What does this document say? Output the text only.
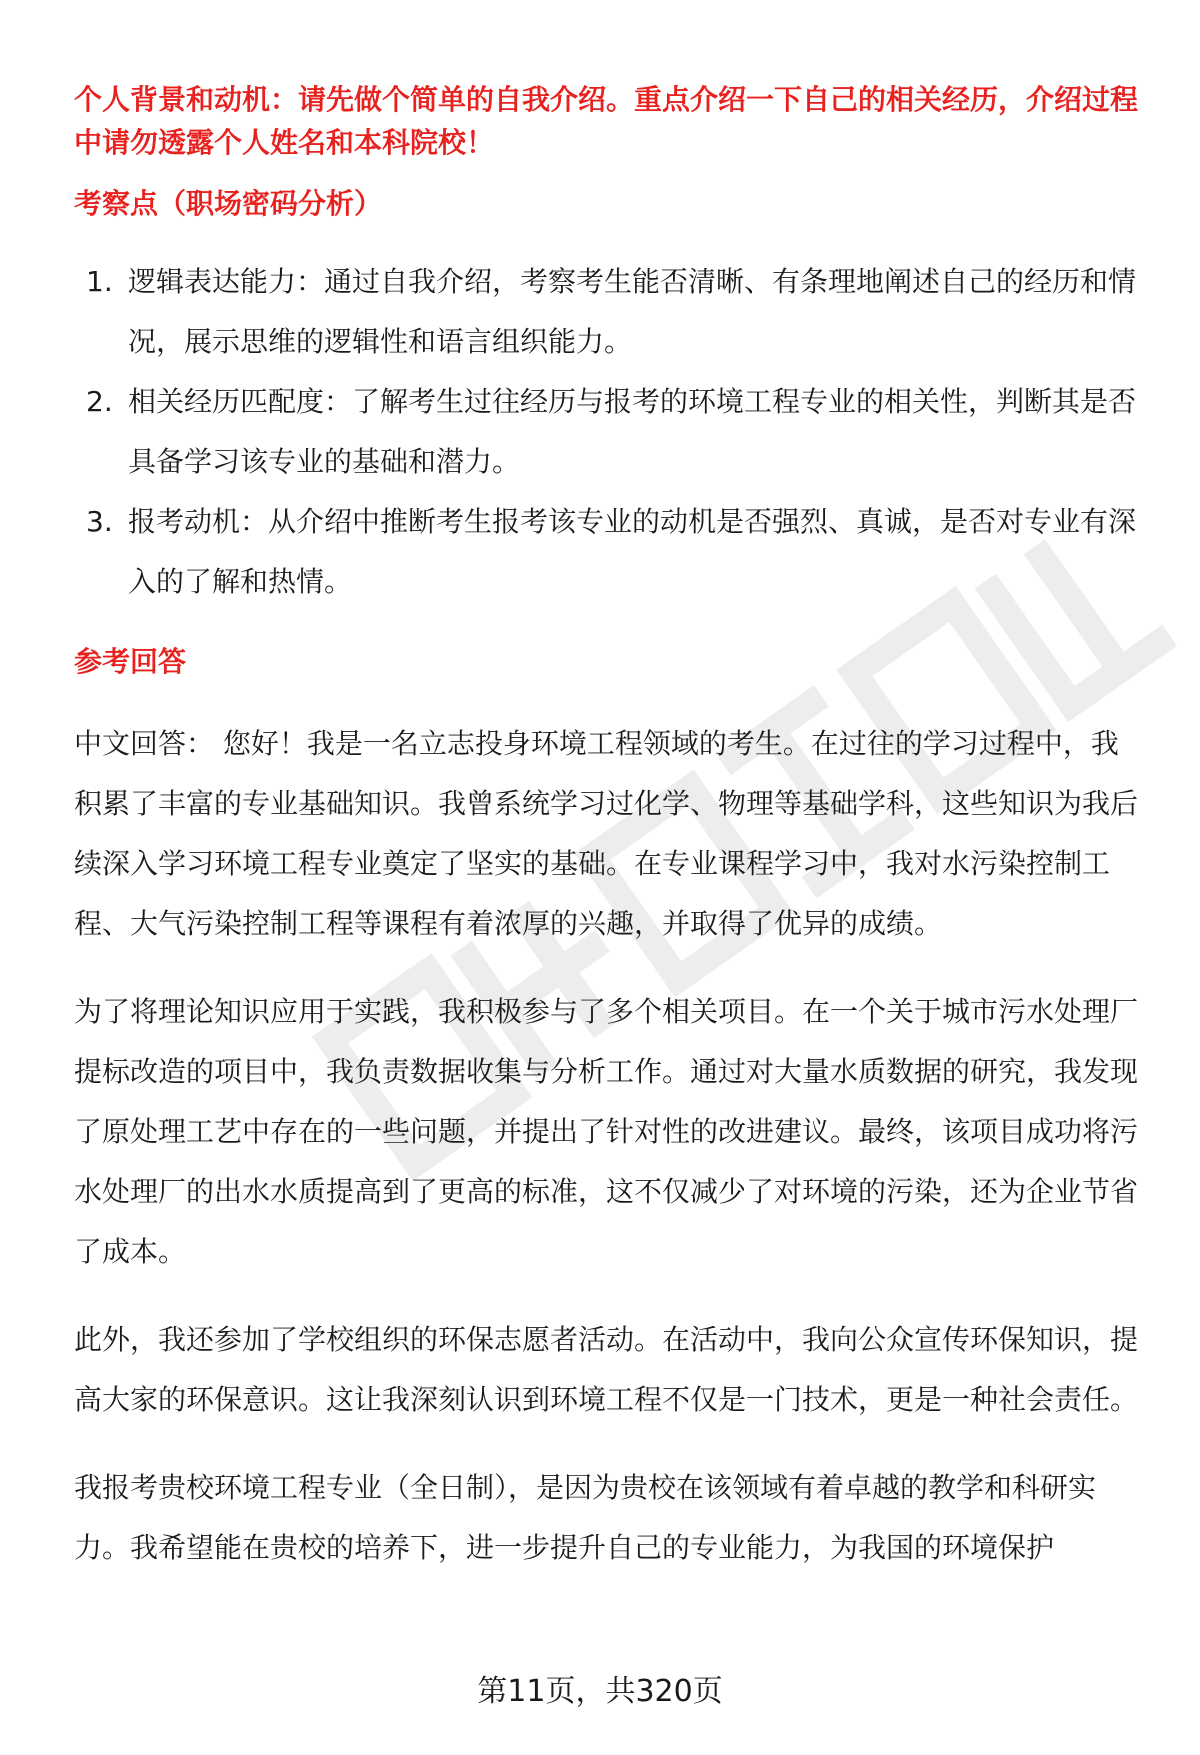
个人背景和动机：请先做个简单的自我介绍。重点介绍一下自己的相关经历，介绍过程中请勿透露个人姓名和本科院校！

考察点（职场密码分析）
1. 逻辑表达能力：通过自我介绍，考察考生能否清晰、有条理地阐述自己的经历和情况，展示思维的逻辑性和语言组织能力。
2. 相关经历匹配度：了解考生过往经历与报考的环境工程专业的相关性，判断其是否具备学习该专业的基础和潜力。
3. 报考动机：从介绍中推断考生报考该专业的动机是否强烈、真诚，是否对专业有深入的了解和热情。
参考回答

中文回答： 您好！我是一名立志投身环境工程领域的考生。在过往的学习过程中，我积累了丰富的专业基础知识。我曾系统学习过化学、物理等基础学科，这些知识为我后续深入学习环境工程专业奠定了坚实的基础。在专业课程学习中，我对水污染控制工程、大气污染控制工程等课程有着浓厚的兴趣，并取得了优异的成绩。

为了将理论知识应用于实践，我积极参与了多个相关项目。在一个关于城市污水处理厂提标改造的项目中，我负责数据收集与分析工作。通过对大量水质数据的研究，我发现了原处理工艺中存在的一些问题，并提出了针对性的改进建议。最终，该项目成功将污水处理厂的出水水质提高到了更高的标准，这不仅减少了对环境的污染，还为企业节省了成本。

此外，我还参加了学校组织的环保志愿者活动。在活动中，我向公众宣传环保知识，提高大家的环保意识。这让我深刻认识到环境工程不仅是一门技术，更是一种社会责任。

我报考贵校环境工程专业（全日制），是因为贵校在该领域有着卓越的教学和科研实力。我希望能在贵校的培养下，进一步提升自己的专业能力，为我国的环境保护

第11页，共320页
